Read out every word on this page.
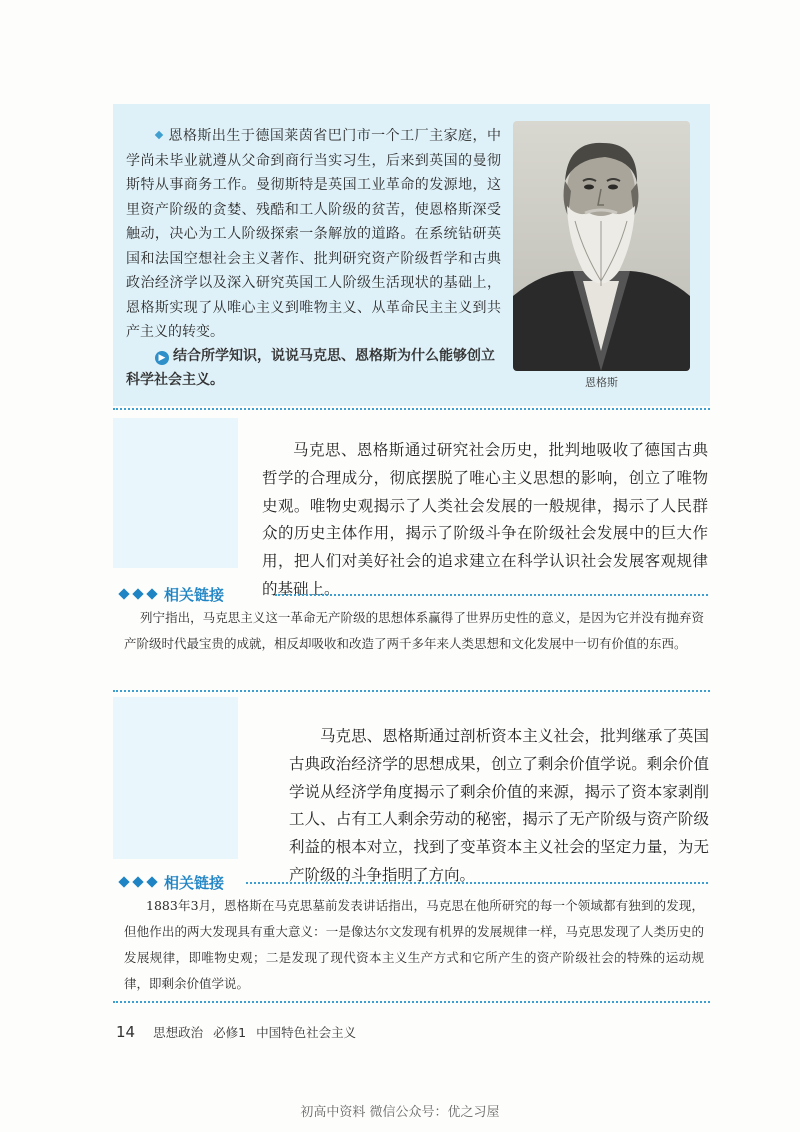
恩格斯出生于德国莱茵省巴门市一个工厂主家庭，中学尚未毕业就遵从父命到商行当实习生，后来到英国的曼彻斯特从事商务工作。曼彻斯特是英国工业革命的发源地，这里资产阶级的贪婪、残酷和工人阶级的贫苦，使恩格斯深受触动，决心为工人阶级探索一条解放的道路。在系统钻研英国和法国空想社会主义著作、批判研究资产阶级哲学和古典政治经济学以及深入研究英国工人阶级生活现状的基础上，恩格斯实现了从唯心主义到唯物主义、从革命民主主义到共产主义的转变。
▶ 结合所学知识，说说马克思、恩格斯为什么能够创立科学社会主义。	恩格斯
马克思、恩格斯通过研究社会历史，批判地吸收了德国古典哲学的合理成分，彻底摆脱了唯心主义思想的影响，创立了唯物史观。唯物史观揭示了人类社会发展的一般规律，揭示了人民群众的历史主体作用，揭示了阶级斗争在阶级社会发展中的巨大作用，把人们对美好社会的追求建立在科学认识社会发展客观规律的基础上。
相关链接
列宁指出，马克思主义这一革命无产阶级的思想体系赢得了世界历史性的意义，是因为它并没有抛弃资产阶级时代最宝贵的成就，相反却吸收和改造了两千多年来人类思想和文化发展中一切有价值的东西。
马克思、恩格斯通过剖析资本主义社会，批判继承了英国古典政治经济学的思想成果，创立了剩余价值学说。剩余价值学说从经济学角度揭示了剩余价值的来源，揭示了资本家剥削工人、占有工人剩余劳动的秘密，揭示了无产阶级与资产阶级利益的根本对立，找到了变革资本主义社会的坚定力量，为无产阶级的斗争指明了方向。
相关链接
1883年3月，恩格斯在马克思墓前发表讲话指出，马克思在他所研究的每一个领域都有独到的发现，但他作出的两大发现具有重大意义：一是像达尔文发现有机界的发展规律一样，马克思发现了人类历史的发展规律，即唯物史观；二是发现了现代资本主义生产方式和它所产生的资产阶级社会的特殊的运动规律，即剩余价值学说。
14 思想政治 必修1 中国特色社会主义
初高中资料 微信公众号：优之习屋
